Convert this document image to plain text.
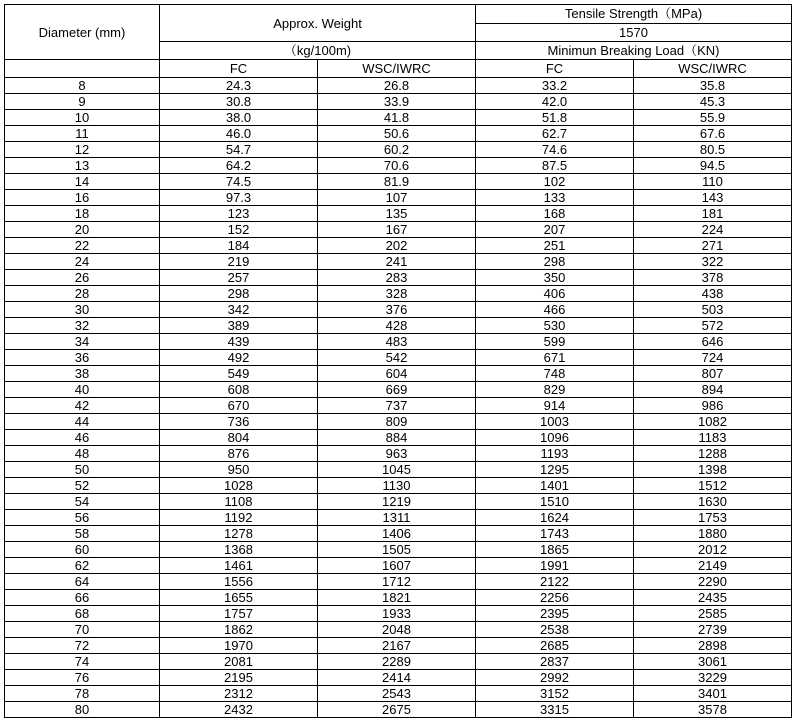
Diameter (mm)	Approx. Weight		Tensile Strength（MPa)	
			1570	
	（kg/100m)		Minimun Breaking Load（KN)	
	FC	WSC/IWRC	FC	WSC/IWRC
8	24.3	26.8	33.2	35.8
9	30.8	33.9	42.0	45.3
10	38.0	41.8	51.8	55.9
11	46.0	50.6	62.7	67.6
12	54.7	60.2	74.6	80.5
13	64.2	70.6	87.5	94.5
14	74.5	81.9	102	110
16	97.3	107	133	143
18	123	135	168	181
20	152	167	207	224
22	184	202	251	271
24	219	241	298	322
26	257	283	350	378
28	298	328	406	438
30	342	376	466	503
32	389	428	530	572
34	439	483	599	646
36	492	542	671	724
38	549	604	748	807
40	608	669	829	894
42	670	737	914	986
44	736	809	1003	1082
46	804	884	1096	1183
48	876	963	1193	1288
50	950	1045	1295	1398
52	1028	1130	1401	1512
54	1108	1219	1510	1630
56	1192	1311	1624	1753
58	1278	1406	1743	1880
60	1368	1505	1865	2012
62	1461	1607	1991	2149
64	1556	1712	2122	2290
66	1655	1821	2256	2435
68	1757	1933	2395	2585
70	1862	2048	2538	2739
72	1970	2167	2685	2898
74	2081	2289	2837	3061
76	2195	2414	2992	3229
78	2312	2543	3152	3401
80	2432	2675	3315	3578
